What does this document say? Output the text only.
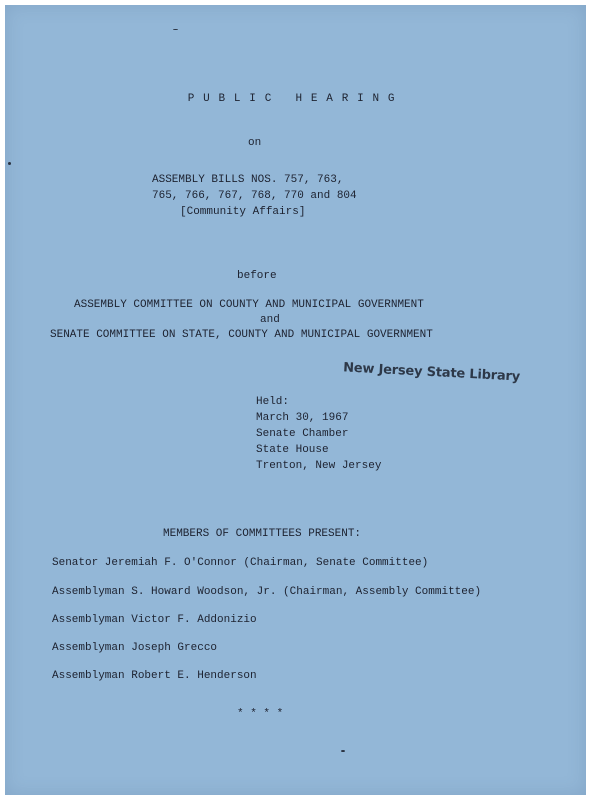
PUBLIC HEARING
on
ASSEMBLY BILLS NOS. 757, 763,
765, 766, 767, 768, 770 and 804
[Community Affairs]
before
ASSEMBLY COMMITTEE ON COUNTY AND MUNICIPAL GOVERNMENT
and
SENATE COMMITTEE ON STATE, COUNTY AND MUNICIPAL GOVERNMENT
New Jersey State Library
Held:
March 30, 1967
Senate Chamber
State House
Trenton, New Jersey
MEMBERS OF COMMITTEES PRESENT:
Senator Jeremiah F. O'Connor (Chairman, Senate Committee)
Assemblyman S. Howard Woodson, Jr. (Chairman, Assembly Committee)
Assemblyman Victor F. Addonizio
Assemblyman Joseph Grecco
Assemblyman Robert E. Henderson
* * * *
